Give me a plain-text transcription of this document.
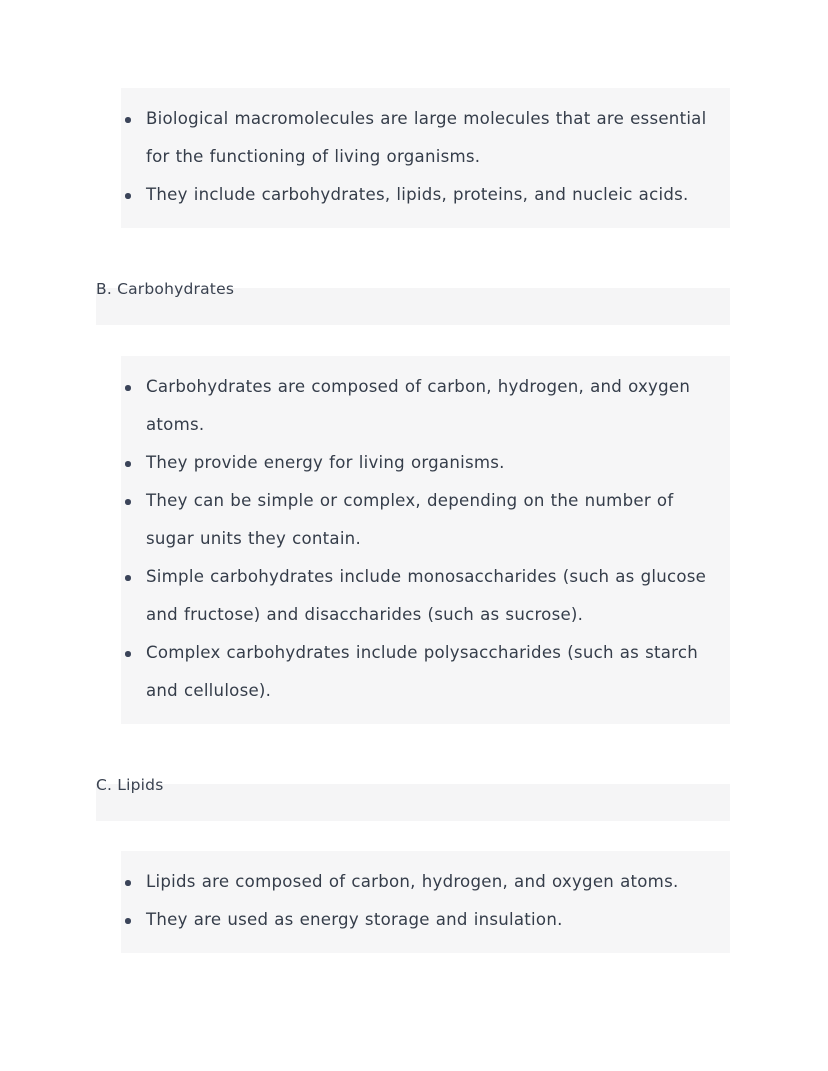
Biological macromolecules are large molecules that are essential for the functioning of living organisms.
They include carbohydrates, lipids, proteins, and nucleic acids.
B. Carbohydrates
Carbohydrates are composed of carbon, hydrogen, and oxygen atoms.
They provide energy for living organisms.
They can be simple or complex, depending on the number of sugar units they contain.
Simple carbohydrates include monosaccharides (such as glucose and fructose) and disaccharides (such as sucrose).
Complex carbohydrates include polysaccharides (such as starch and cellulose).
C. Lipids
Lipids are composed of carbon, hydrogen, and oxygen atoms.
They are used as energy storage and insulation.
